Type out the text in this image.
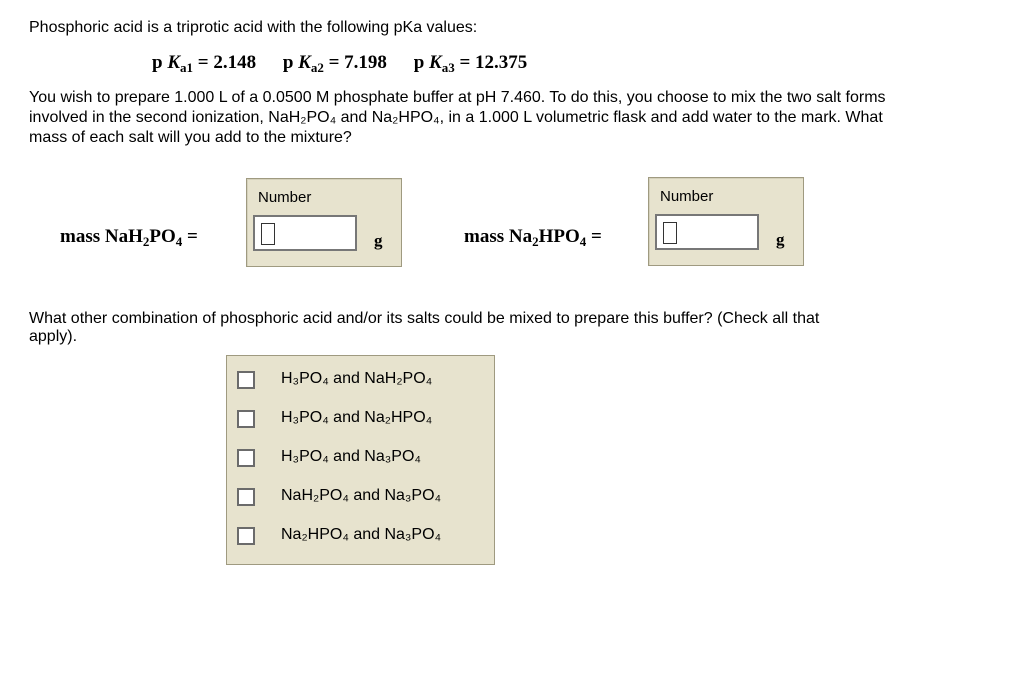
Phosphoric acid is a triprotic acid with the following pKa values:
p $K_{a1} = 2.148$ p $K_{a2} = 7.198$ p $K_{a3} = 12.375$
You wish to prepare 1.000 L of a 0.0500 M phosphate buffer at pH 7.460. To do this, you choose to mix the two salt forms involved in the second ionization, NaH₂PO₄ and Na₂HPO₄, in a 1.000 L volumetric flask and add water to the mark. What mass of each salt will you add to the mixture?
mass $NaH_2PO_4$ =
Number
g	mass $Na_2HPO_4$ =
Number
g
What other combination of phosphoric acid and/or its salts could be mixed to prepare this buffer? (Check all that apply).
H₃PO₄ and NaH₂PO₄
H₃PO₄ and Na₂HPO₄
H₃PO₄ and Na₃PO₄
NaH₂PO₄ and Na₃PO₄
Na₂HPO₄ and Na₃PO₄
